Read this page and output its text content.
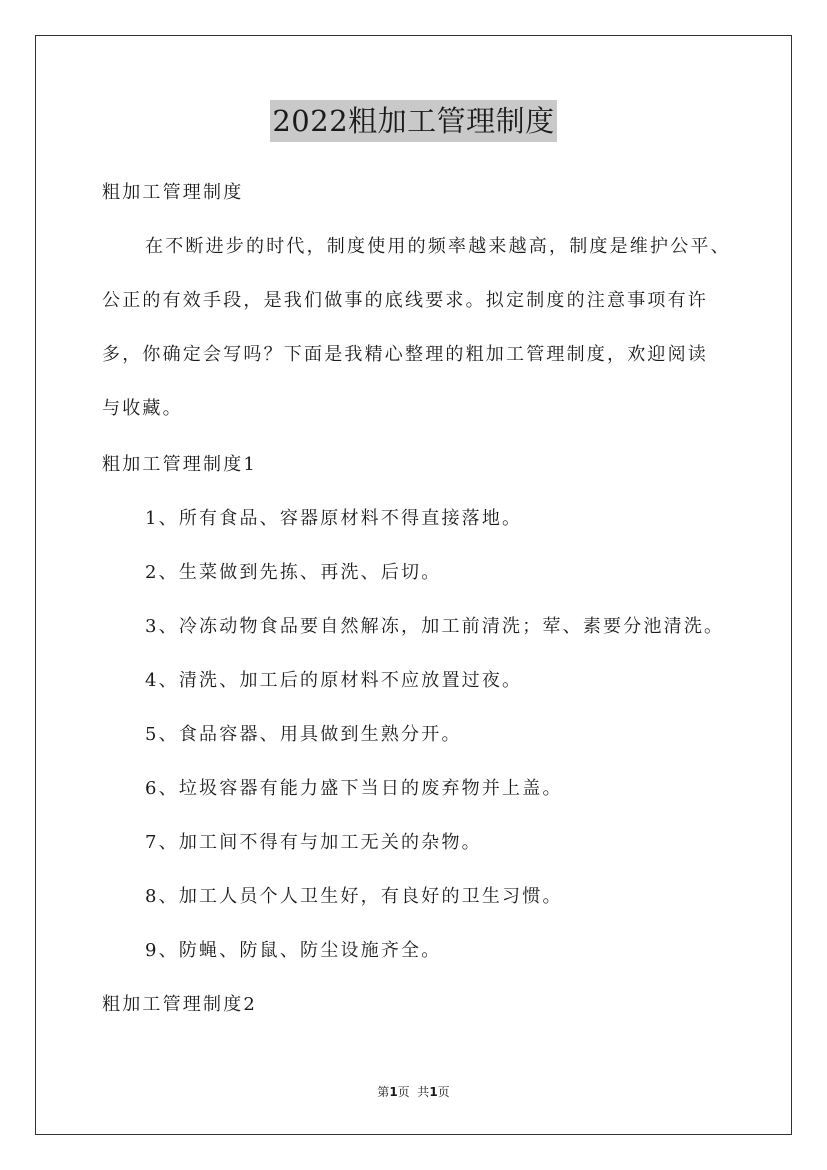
2022粗加工管理制度

粗加工管理制度

在不断进步的时代，制度使用的频率越来越高，制度是维护公平、

公正的有效手段，是我们做事的底线要求。拟定制度的注意事项有许

多，你确定会写吗？下面是我精心整理的粗加工管理制度，欢迎阅读

与收藏。

粗加工管理制度1

1、所有食品、容器原材料不得直接落地。

2、生菜做到先拣、再洗、后切。

3、冷冻动物食品要自然解冻，加工前清洗；荤、素要分池清洗。

4、清洗、加工后的原材料不应放置过夜。

5、食品容器、用具做到生熟分开。

6、垃圾容器有能力盛下当日的废弃物并上盖。

7、加工间不得有与加工无关的杂物。

8、加工人员个人卫生好，有良好的卫生习惯。

9、防蝇、防鼠、防尘设施齐全。

粗加工管理制度2

第1页  共1页
